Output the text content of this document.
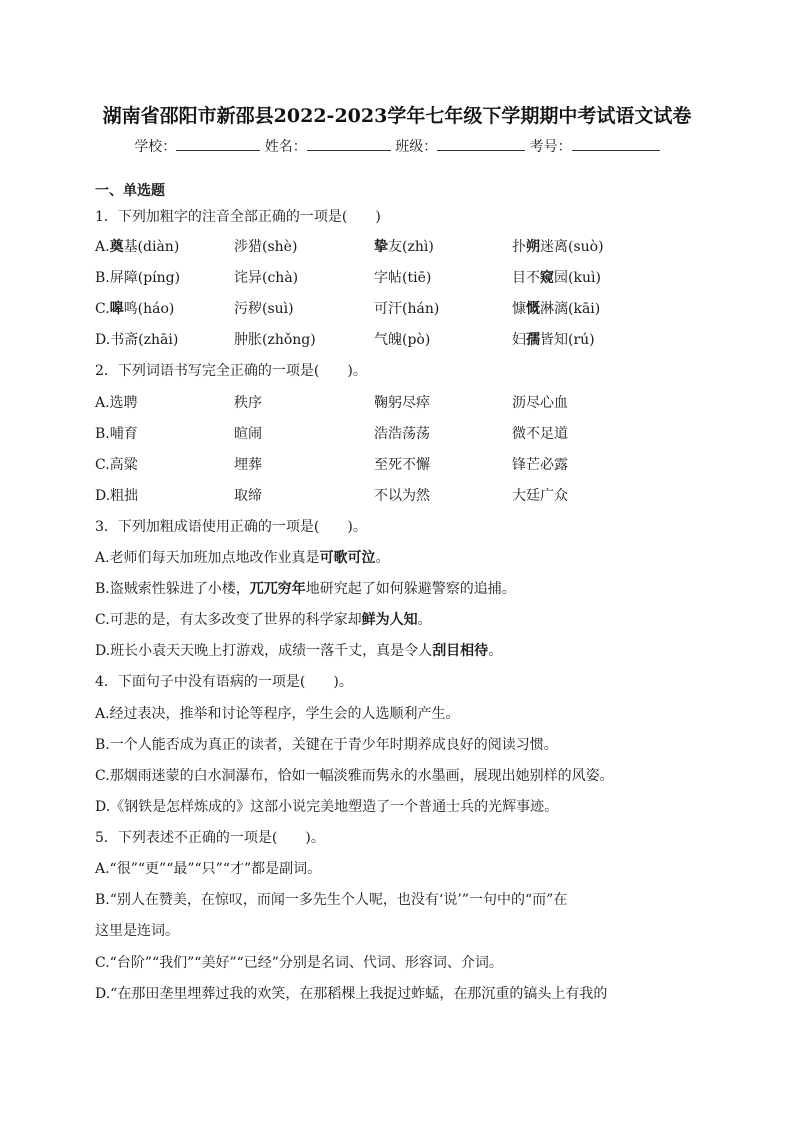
湖南省邵阳市新邵县2022-2023学年七年级下学期期中考试语文试卷
学校：	姓名：	班级：	考号：
一、单选题
1．下列加粗字的注音全部正确的一项是(　　)
A.奠基(diàn)	涉猎(shè)	挚友(zhì)	扑朔迷离(suò)
B.屏障(píng)	诧异(chà)	字帖(tiē)	目不窥园(kuì)
C.嗥鸣(háo)	污秽(suì)	可汗(hán)	慷慨淋漓(kāi)
D.书斋(zhāi)	肿胀(zhǒng)	气魄(pò)	妇孺皆知(rú)
2．下列词语书写完全正确的一项是(　　)。
A.选聘	秩序	鞠躬尽瘁	沥尽心血
B.哺育	暄闹	浩浩荡荡	微不足道
C.高粱	埋葬	至死不懈	锋芒必露
D.粗拙	取缔	不以为然	大廷广众
3．下列加粗成语使用正确的一项是(　　)。
A.老师们每天加班加点地改作业真是可歌可泣。
B.盗贼索性躲进了小楼，兀兀穷年地研究起了如何躲避警察的追捕。
C.可悲的是，有太多改变了世界的科学家却鲜为人知。
D.班长小袁天天晚上打游戏，成绩一落千丈，真是令人刮目相待。
4．下面句子中没有语病的一项是(　　)。
A.经过表决，推举和讨论等程序，学生会的人选顺利产生。
B.一个人能否成为真正的读者，关键在于青少年时期养成良好的阅读习惯。
C.那烟雨迷蒙的白水洞瀑布，恰如一幅淡雅而隽永的水墨画，展现出她别样的风姿。
D.《钢铁是怎样炼成的》这部小说完美地塑造了一个普通士兵的光辉事迹。
5．下列表述不正确的一项是(　　)。
A.“很”“更”“最”“只”“才”都是副词。
B.“别人在赞美，在惊叹，而闻一多先生个人呢，也没有‘说’”一句中的“而”在
这里是连词。
C.“台阶”“我们”“美好”“已经”分别是名词、代词、形容词、介词。
D.“在那田垄里埋葬过我的欢笑，在那稻棵上我捉过蚱蜢，在那沉重的镐头上有我的
